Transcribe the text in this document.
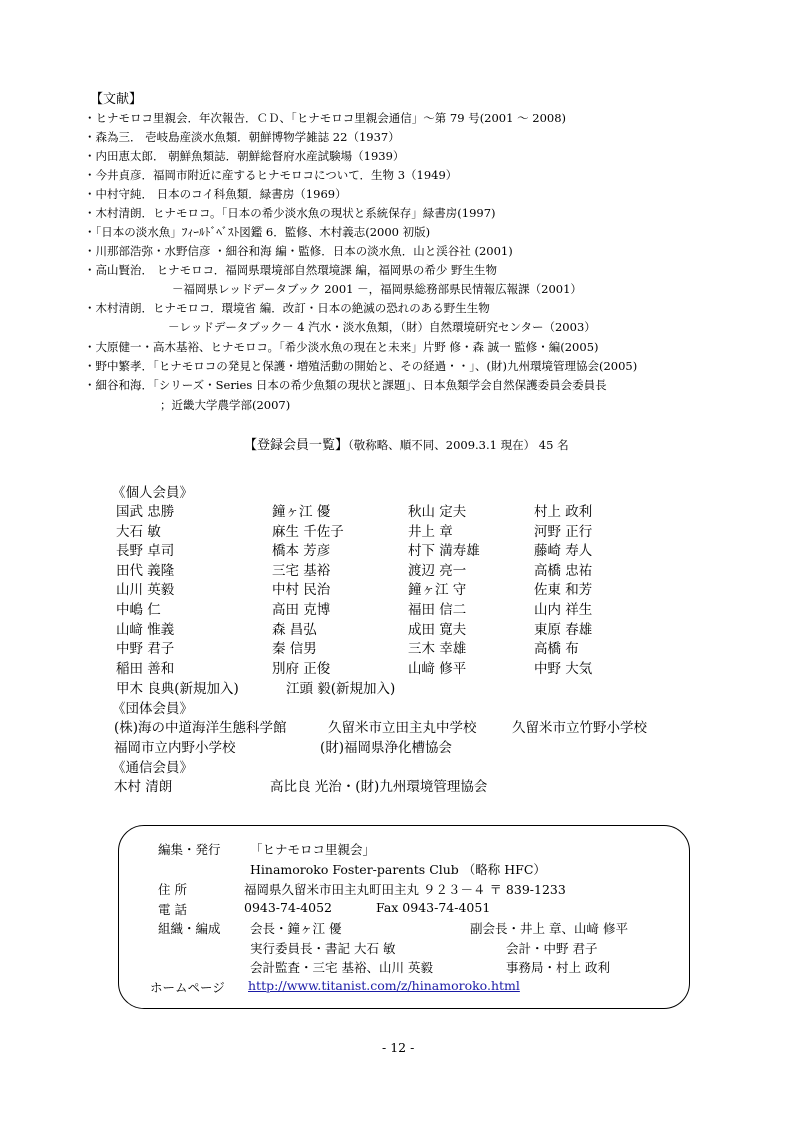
【文献】
・ヒナモロコ里親会．年次報告．ＣＤ、「ヒナモロコ里親会通信」～第 79 号(2001 ～ 2008)
・森為三． 壱岐島産淡水魚類．朝鮮博物学雑誌 22（1937）
・内田恵太郎． 朝鮮魚類誌．朝鮮総督府水産試験場（1939）
・今井貞彦．福岡市附近に産するヒナモロコについて．生物 3（1949）
・中村守純． 日本のコイ科魚類．緑書房（1969）
・木村清朗．ヒナモロコ。「日本の希少淡水魚の現状と系統保存」緑書房(1997)
・「日本の淡水魚」ﾌｨｰﾙﾄﾞﾍﾞｽﾄ図鑑 6．監修、木村義志(2000 初版)
・川那部浩弥・水野信彦 ・細谷和海 編・監修．日本の淡水魚．山と渓谷社 (2001)
・高山賢治． ヒナモロコ．福岡県環境部自然環境課 編，福岡県の希少 野生生物
－福岡県レッドデータブック 2001 －，福岡県総務部県民情報広報課（2001）
・木村清朗．ヒナモロコ．環境省 編．改訂・日本の絶滅の恐れのある野生生物
－レッドデータブック－ 4 汽水・淡水魚類，（財）自然環境研究センター（2003）
・大原健一・高木基裕、ヒナモロコ。「希少淡水魚の現在と未来」片野 修・森 誠一 監修・編(2005)
・野中繁孝．「ヒナモロコの発見と保護・増殖活動の開始と、その経過・・」、(財)九州環境管理協会(2005)
・細谷和海．「シリーズ・Series 日本の希少魚類の現状と課題」、日本魚類学会自然保護委員会委員長
；近畿大学農学部(2007)
【登録会員一覧】（敬称略、順不同、2009.3.1 現在） 45 名
《個人会員》
国武 忠勝	鐘ヶ江 優	秋山 定夫	村上 政利
大石 敏	麻生 千佐子	井上 章	河野 正行
長野 卓司	橋本 芳彦	村下 満寿雄	藤崎 寿人
田代 義隆	三宅 基裕	渡辺 亮一	高橋 忠祐
山川 英毅	中村 民治	鐘ヶ江 守	佐東 和芳
中嶋 仁	高田 克博	福田 信二	山内 祥生
山﨑 惟義	森 昌弘	成田 寛夫	東原 春雄
中野 君子	秦 信男	三木 幸雄	高橋 布
稲田 善和	別府 正俊	山﨑 修平	中野 大気
甲木 良典(新規加入)	江頭 毅(新規加入)
《団体会員》
(株)海の中道海洋生態科学館	久留米市立田主丸中学校	久留米市立竹野小学校
福岡市立内野小学校	(財)福岡県浄化槽協会
《通信会員》
木村 清朗	高比良 光治・(財)九州環境管理協会
編集・発行 「ヒナモロコ里親会」
Hinamoroko Foster-parents Club （略称 HFC）
住 所	福岡県久留米市田主丸町田主丸 ９２３－４ 〒 839-1233
電 話	0943-74-4052	Fax 0943-74-4051
組織・編成 会長・鐘ヶ江 優	副会長・井上 章、山﨑 修平
実行委員長・書記 大石 敏	会計・中野 君子
会計監査・三宅 基裕、山川 英毅	事務局・村上 政利
ホームページ http://www.titanist.com/z/hinamoroko.html
- 12 -
